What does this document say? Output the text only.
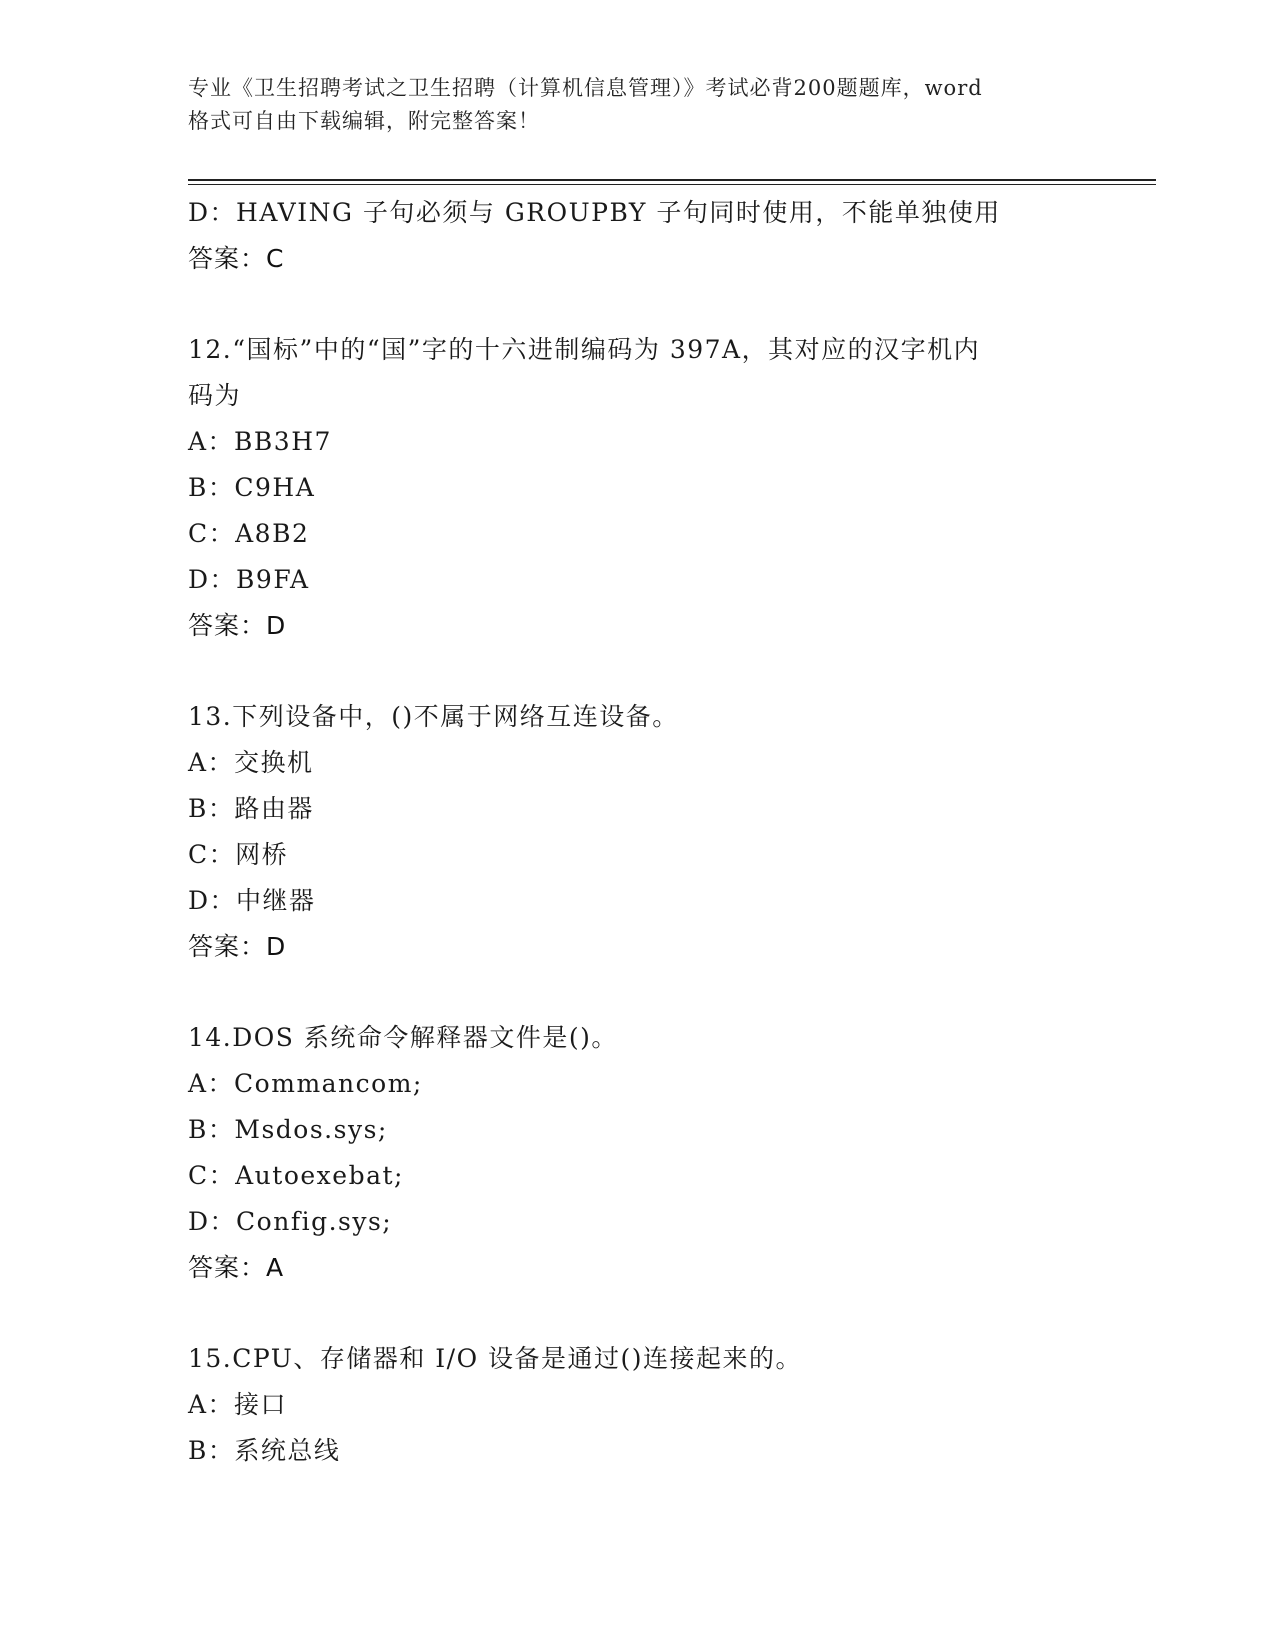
专业《卫生招聘考试之卫生招聘（计算机信息管理）》考试必背200题题库，word
格式可自由下载编辑，附完整答案！
D：HAVING 子句必须与 GROUPBY 子句同时使用，不能单独使用
答案：C
12.“国标”中的“国”字的十六进制编码为 397A，其对应的汉字机内
码为
A：BB3H7
B：C9HA
C：A8B2
D：B9FA
答案：D
13.下列设备中，()不属于网络互连设备。
A：交换机
B：路由器
C：网桥
D：中继器
答案：D
14.DOS 系统命令解释器文件是()。
A：Commancom;
B：Msdos.sys;
C：Autoexebat;
D：Config.sys;
答案：A
15.CPU、存储器和 I/O 设备是通过()连接起来的。
A：接口
B：系统总线
